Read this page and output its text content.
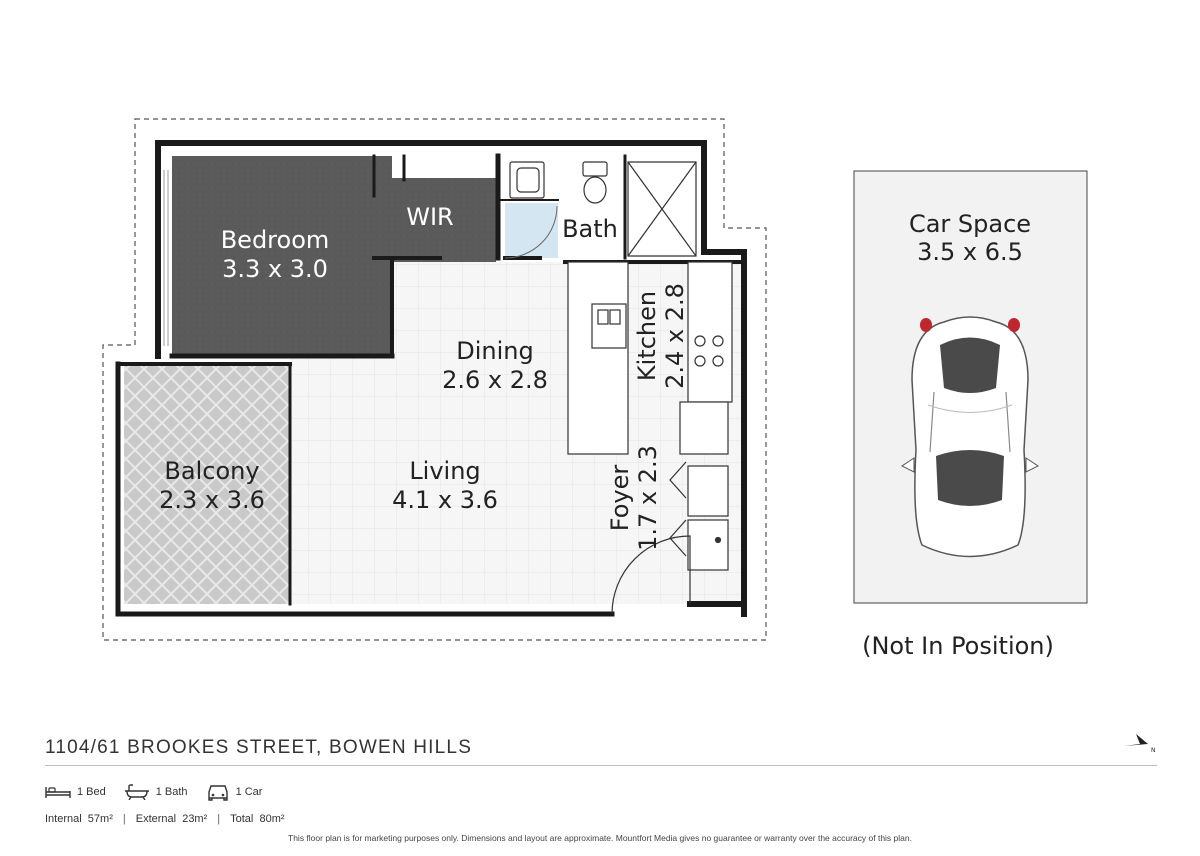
Bedroom
3.3 x 3.0
WIR	Bath
Dining
2.6 x 2.8
Living
4.1 x 3.6
Balcony
2.3 x 3.6
Kitchen 2.4 x 2.8
Foyer 1.7 x 2.3
Car Space
3.5 x 6.5
(Not In Position)
1104/61 BROOKES STREET, BOWEN HILLS	N
1 Bed	1 Bath	1 Car
Internal  57m² | External  23m² | Total  80m²
This floor plan is for marketing purposes only. Dimensions and layout are approximate. Mountfort Media gives no guarantee or warranty over the accuracy of this plan.
